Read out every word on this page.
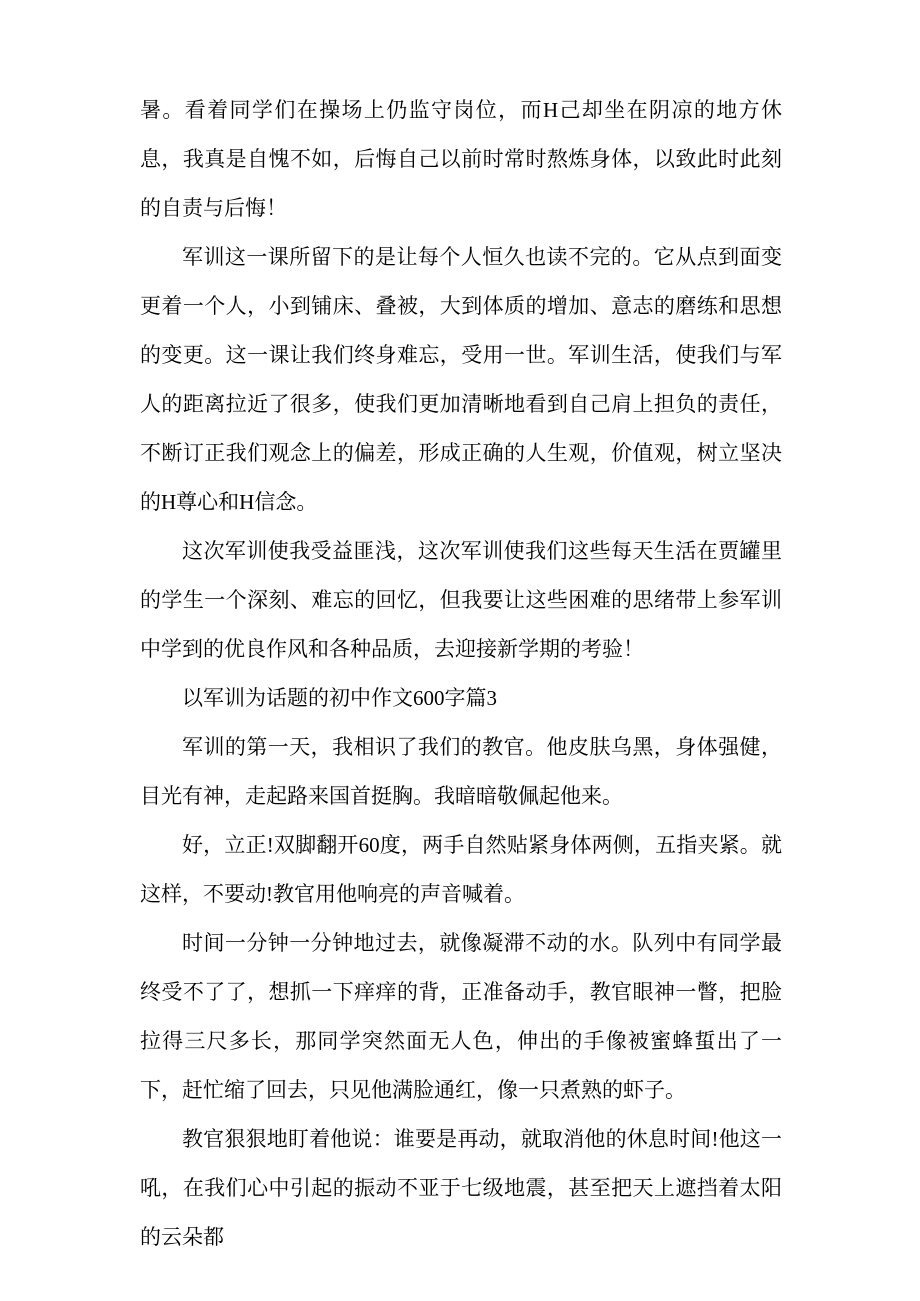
暑。看着同学们在操场上仍监守岗位，而H己却坐在阴凉的地方休息，我真是自愧不如，后悔自己以前时常时熬炼身体，以致此时此刻的自责与后悔！

军训这一课所留下的是让每个人恒久也读不完的。它从点到面变更着一个人，小到铺床、叠被，大到体质的增加、意志的磨练和思想的变更。这一课让我们终身难忘，受用一世。军训生活，使我们与军人的距离拉近了很多，使我们更加清晰地看到自己肩上担负的责任，不断订正我们观念上的偏差，形成正确的人生观，价值观，树立坚决的H尊心和H信念。

这次军训使我受益匪浅，这次军训使我们这些每天生活在贾罐里的学生一个深刻、难忘的回忆，但我要让这些困难的思绪带上参军训中学到的优良作风和各种品质，去迎接新学期的考验！

以军训为话题的初中作文600字篇3

军训的第一天，我相识了我们的教官。他皮肤乌黑，身体强健，目光有神，走起路来国首挺胸。我暗暗敬佩起他来。

好，立正!双脚翻开60度，两手自然贴紧身体两侧，五指夹紧。就这样，不要动!教官用他响亮的声音喊着。

时间一分钟一分钟地过去，就像凝滞不动的水。队列中有同学最终受不了了，想抓一下痒痒的背，正准备动手，教官眼神一瞥，把脸拉得三尺多长，那同学突然面无人色，伸出的手像被蜜蜂蜇出了一下，赶忙缩了回去，只见他满脸通红，像一只煮熟的虾子。

教官狠狠地盯着他说：谁要是再动，就取消他的休息时间!他这一吼，在我们心中引起的振动不亚于七级地震，甚至把天上遮挡着太阳的云朵都
